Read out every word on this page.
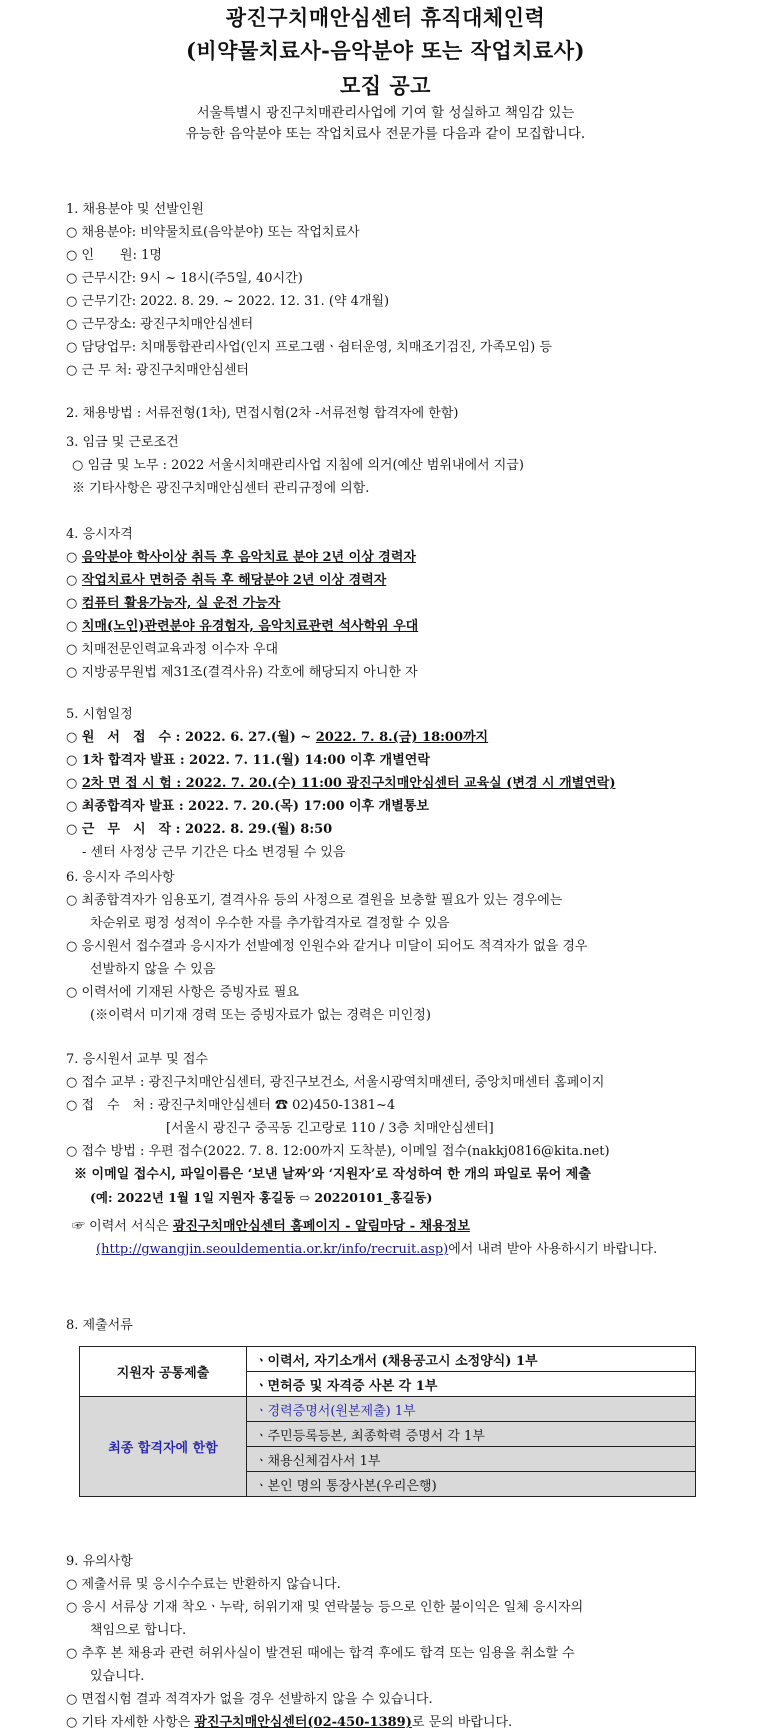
광진구치매안심센터 휴직대체인력
(비약물치료사-음악분야 또는 작업치료사)
모집 공고
서울특별시 광진구치매관리사업에 기여 할 성실하고 책임감 있는
유능한 음악분야 또는 작업치료사 전문가를 다음과 같이 모집합니다.
1. 채용분야 및 선발인원
○ 채용분야: 비약물치료(음악분야) 또는 작업치료사
○ 인　　원: 1명
○ 근무시간: 9시 ~ 18시(주5일, 40시간)
○ 근무기간: 2022. 8. 29. ~ 2022. 12. 31. (약 4개월)
○ 근무장소: 광진구치매안심센터
○ 담당업무: 치매통합관리사업(인지 프로그램ㆍ쉼터운영, 치매조기검진, 가족모임) 등
○ 근 무 처: 광진구치매안심센터
2. 채용방법 : 서류전형(1차), 면접시험(2차 -서류전형 합격자에 한함)
3. 임금 및 근로조건
○ 임금 및 노무 : 2022 서울시치매관리사업 지침에 의거(예산 범위내에서 지급)
※ 기타사항은 광진구치매안심센터 관리규정에 의함.
4. 응시자격
○ 음악분야 학사이상 취득 후 음악치료 분야 2년 이상 경력자
○ 작업치료사 면허증 취득 후 해당분야 2년 이상 경력자
○ 컴퓨터 활용가능자, 실 운전 가능자
○ 치매(노인)관련분야 유경험자, 음악치료관련 석사학위 우대
○ 치매전문인력교육과정 이수자 우대
○ 지방공무원법 제31조(결격사유) 각호에 해당되지 아니한 자
5. 시험일정
○ 원　서　접　수 : 2022. 6. 27.(월) ~ 2022. 7. 8.(금) 18:00까지
○ 1차 합격자 발표 : 2022. 7. 11.(월) 14:00 이후 개별연락
○ 2차 면 접 시 험 : 2022. 7. 20.(수) 11:00 광진구치매안심센터 교육실 (변경 시 개별연락)
○ 최종합격자 발표 : 2022. 7. 20.(목) 17:00 이후 개별통보
○ 근　무　시　작 : 2022. 8. 29.(월) 8:50
- 센터 사정상 근무 기간은 다소 변경될 수 있음
6. 응시자 주의사항
○ 최종합격자가 임용포기, 결격사유 등의 사정으로 결원을 보충할 필요가 있는 경우에는
차순위로 평정 성적이 우수한 자를 추가합격자로 결정할 수 있음
○ 응시원서 접수결과 응시자가 선발예정 인원수와 같거나 미달이 되어도 적격자가 없을 경우
선발하지 않을 수 있음
○ 이력서에 기재된 사항은 증빙자료 필요
(※이력서 미기재 경력 또는 증빙자료가 없는 경력은 미인정)
7. 응시원서 교부 및 접수
○ 접수 교부 : 광진구치매안심센터, 광진구보건소, 서울시광역치매센터, 중앙치매센터 홈페이지
○ 접　수　처 : 광진구치매안심센터 ☎ 02)450-1381~4
[서울시 광진구 중곡동 긴고랑로 110 / 3층 치매안심센터]
○ 접수 방법 : 우편 접수(2022. 7. 8. 12:00까지 도착분), 이메일 접수(nakkj0816@kita.net)
※ 이메일 접수시, 파일이름은 ‘보낸 날짜’와 ‘지원자’로 작성하여 한 개의 파일로 묶어 제출
(예: 2022년 1월 1일 지원자 홍길동 ⇨ 20220101_홍길동)
☞ 이력서 서식은 광진구치매안심센터 홈페이지 - 알림마당 - 채용정보
(http://gwangjin.seouldementia.or.kr/info/recruit.asp)에서 내려 받아 사용하시기 바랍니다.
8. 제출서류
지원자 공통제출	ㆍ이력서, 자기소개서 (채용공고시 소정양식) 1부
	ㆍ면허증 및 자격증 사본 각 1부
최종 합격자에 한함	ㆍ경력증명서(원본제출) 1부
	ㆍ주민등록등본, 최종학력 증명서 각 1부
	ㆍ채용신체검사서 1부
	ㆍ본인 명의 통장사본(우리은행)
9. 유의사항
○ 제출서류 및 응시수수료는 반환하지 않습니다.
○ 응시 서류상 기재 착오ㆍ누락, 허위기재 및 연락불능 등으로 인한 불이익은 일체 응시자의
책임으로 합니다.
○ 추후 본 채용과 관련 허위사실이 발견된 때에는 합격 후에도 합격 또는 임용을 취소할 수
있습니다.
○ 면접시험 결과 적격자가 없을 경우 선발하지 않을 수 있습니다.
○ 기타 자세한 사항은 광진구치매안심센터(02-450-1389)로 문의 바랍니다.
